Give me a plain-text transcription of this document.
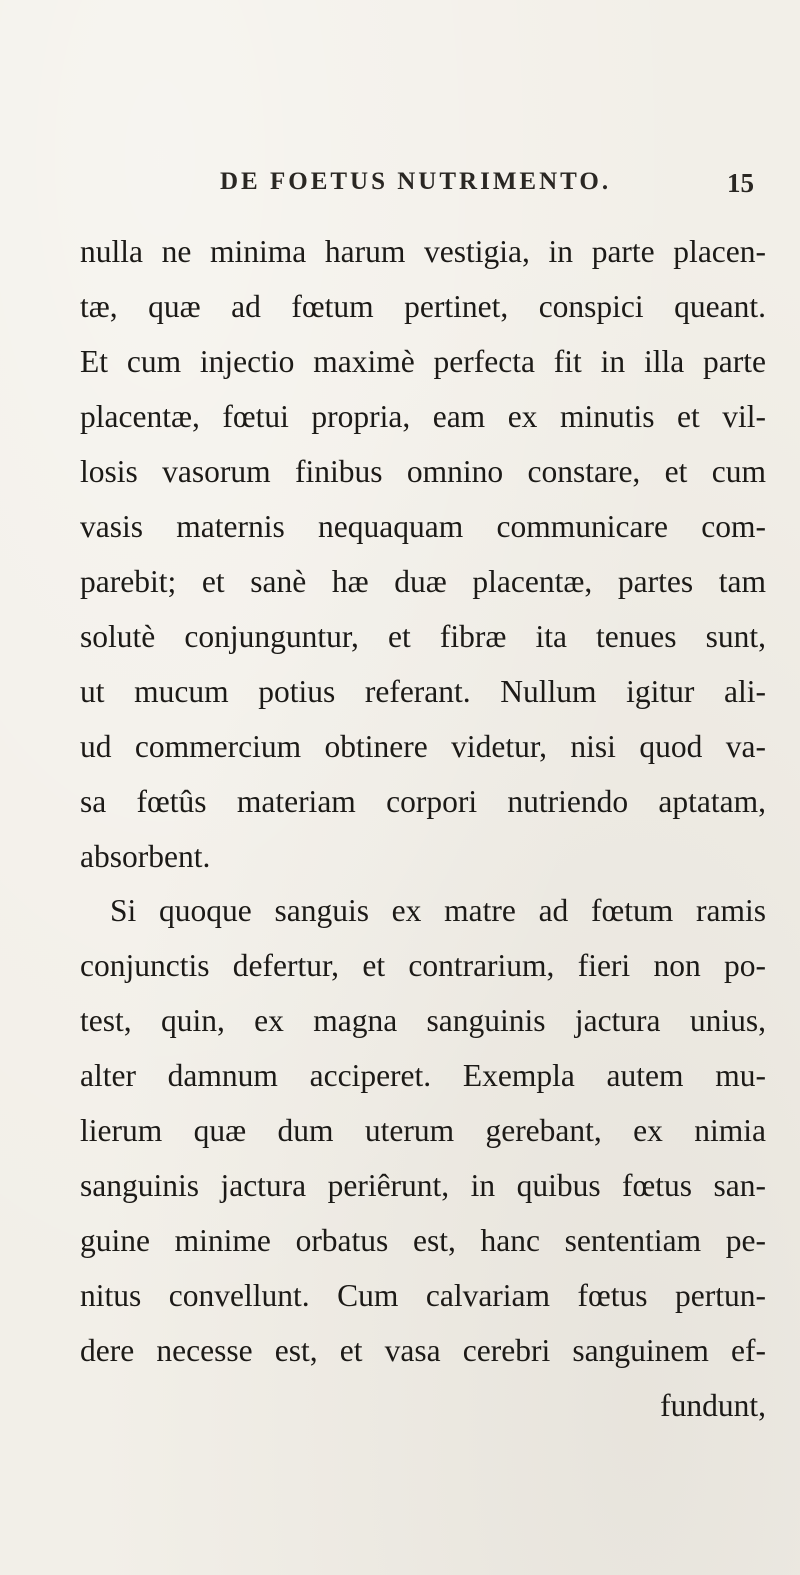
DE FOETUS NUTRIMENTO.	15
nulla ne minima harum vestigia, in parte placen-
tæ, quæ ad fœtum pertinet, conspici queant.
Et cum injectio maximè perfecta fit in illa parte
placentæ, fœtui propria, eam ex minutis et vil-
losis vasorum finibus omnino constare, et cum
vasis maternis nequaquam communicare com-
parebit; et sanè hæ duæ placentæ, partes tam
solutè conjunguntur, et fibræ ita tenues sunt,
ut mucum potius referant. Nullum igitur ali-
ud commercium obtinere videtur, nisi quod va-
sa fœtûs materiam corpori nutriendo aptatam,
absorbent.
Si quoque sanguis ex matre ad fœtum ramis
conjunctis defertur, et contrarium, fieri non po-
test, quin, ex magna sanguinis jactura unius,
alter damnum acciperet. Exempla autem mu-
lierum quæ dum uterum gerebant, ex nimia
sanguinis jactura periêrunt, in quibus fœtus san-
guine minime orbatus est, hanc sententiam pe-
nitus convellunt. Cum calvariam fœtus pertun-
dere necesse est, et vasa cerebri sanguinem ef-
fundunt,
